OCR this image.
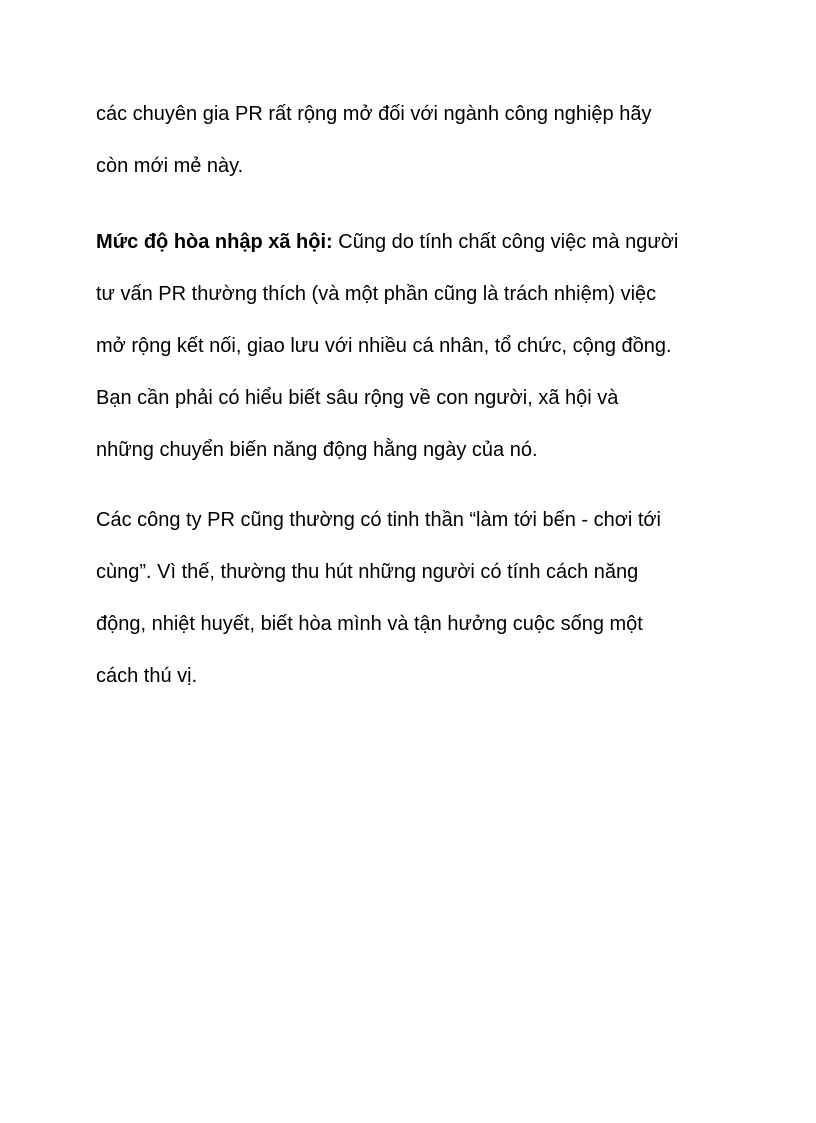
các chuyên gia PR rất rộng mở đối với ngành công nghiệp hãy
còn mới mẻ này.
Mức độ hòa nhập xã hội: Cũng do tính chất công việc mà người
tư vấn PR thường thích (và một phần cũng là trách nhiệm) việc
mở rộng kết nối, giao lưu với nhiều cá nhân, tổ chức, cộng đồng.
Bạn cần phải có hiểu biết sâu rộng về con người, xã hội và
những chuyển biến năng động hằng ngày của nó.
Các công ty PR cũng thường có tinh thần “làm tới bến - chơi tới
cùng”. Vì thế, thường thu hút những người có tính cách năng
động, nhiệt huyết, biết hòa mình và tận hưởng cuộc sống một
cách thú vị.
